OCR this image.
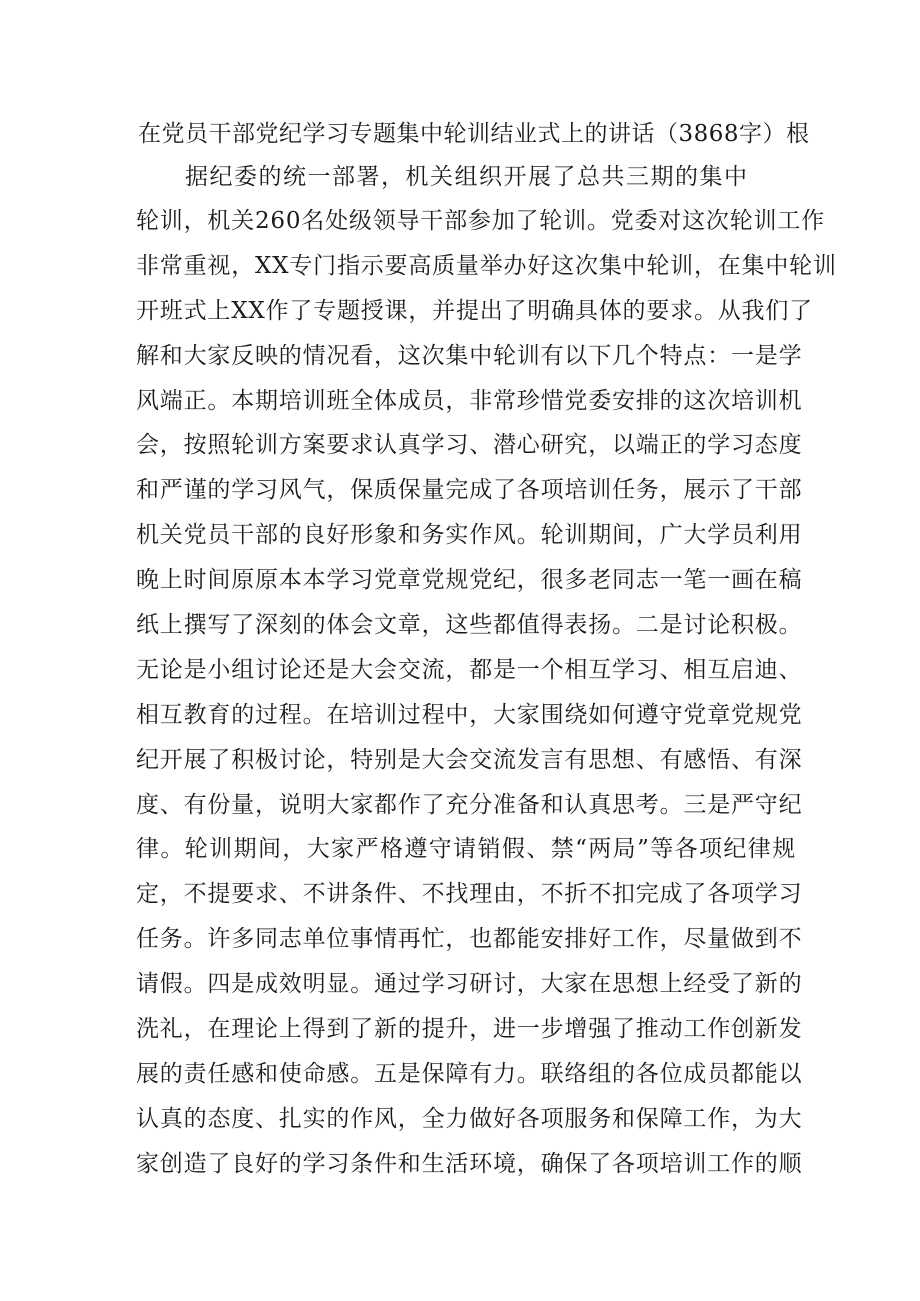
在党员干部党纪学习专题集中轮训结业式上的讲话（3868字）根
据纪委的统一部署，机关组织开展了总共三期的集中
轮训，机关260名处级领导干部参加了轮训。党委对这次轮训工作
非常重视，XX专门指示要高质量举办好这次集中轮训，在集中轮训
开班式上XX作了专题授课，并提出了明确具体的要求。从我们了
解和大家反映的情况看，这次集中轮训有以下几个特点：一是学
风端正。本期培训班全体成员，非常珍惜党委安排的这次培训机
会，按照轮训方案要求认真学习、潜心研究，以端正的学习态度
和严谨的学习风气，保质保量完成了各项培训任务，展示了干部
机关党员干部的良好形象和务实作风。轮训期间，广大学员利用
晚上时间原原本本学习党章党规党纪，很多老同志一笔一画在稿
纸上撰写了深刻的体会文章，这些都值得表扬。二是讨论积极。
无论是小组讨论还是大会交流，都是一个相互学习、相互启迪、
相互教育的过程。在培训过程中，大家围绕如何遵守党章党规党
纪开展了积极讨论，特别是大会交流发言有思想、有感悟、有深
度、有份量，说明大家都作了充分准备和认真思考。三是严守纪
律。轮训期间，大家严格遵守请销假、禁“两局”等各项纪律规
定，不提要求、不讲条件、不找理由，不折不扣完成了各项学习
任务。许多同志单位事情再忙，也都能安排好工作，尽量做到不
请假。四是成效明显。通过学习研讨，大家在思想上经受了新的
洗礼，在理论上得到了新的提升，进一步增强了推动工作创新发
展的责任感和使命感。五是保障有力。联络组的各位成员都能以
认真的态度、扎实的作风，全力做好各项服务和保障工作，为大
家创造了良好的学习条件和生活环境，确保了各项培训工作的顺
